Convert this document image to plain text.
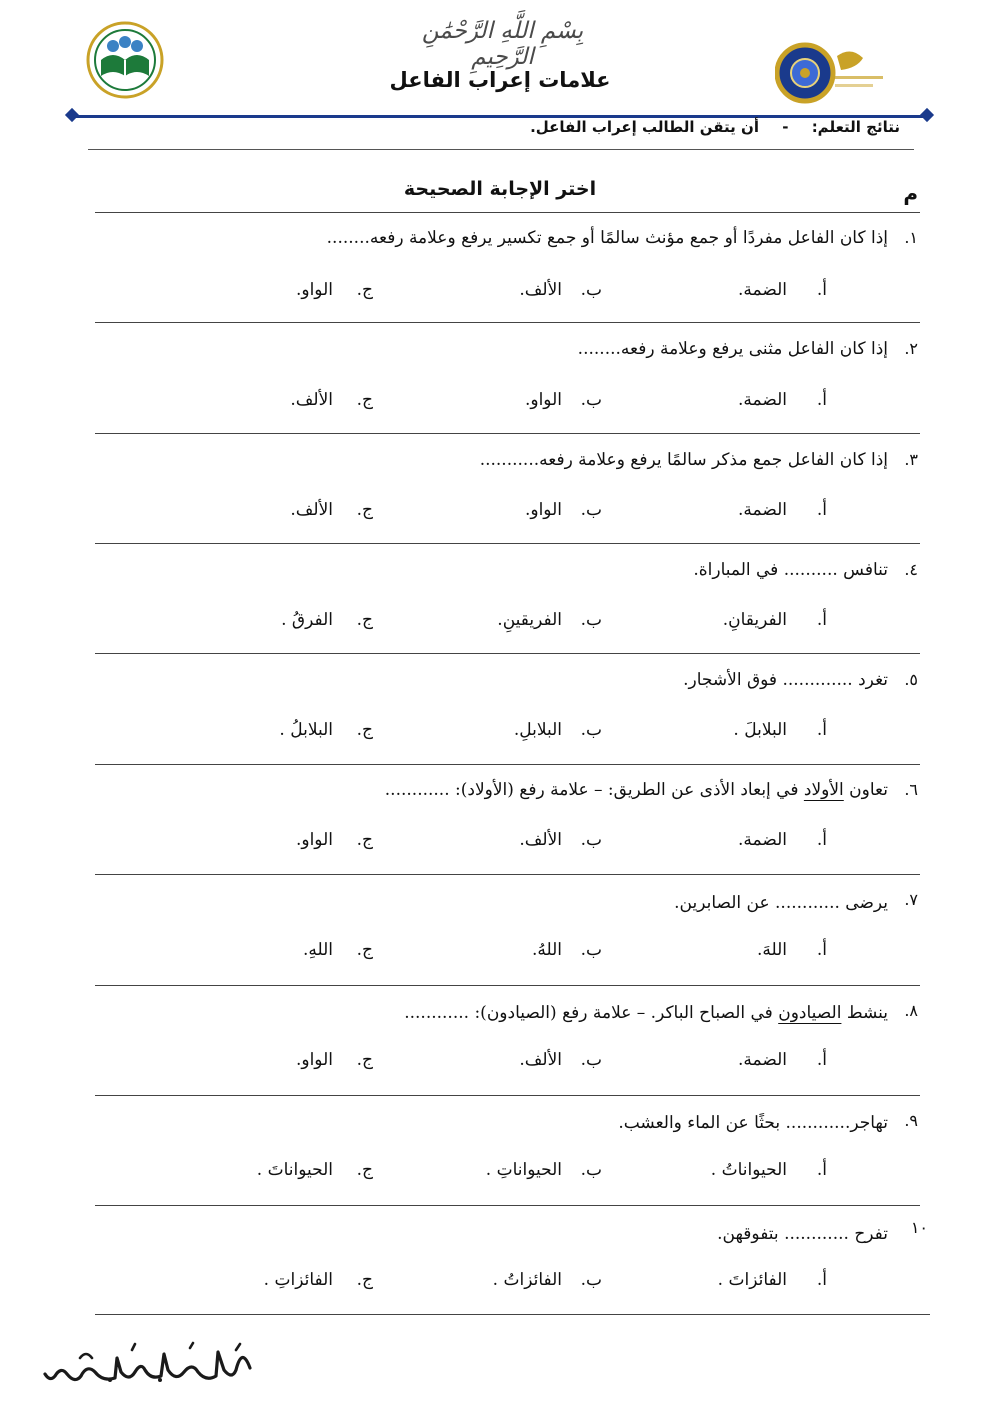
بِسْمِ اللَّهِ الرَّحْمَٰنِ الرَّحِيمِ
علامات إعراب الفاعل
نتائج التعلم: - أن يتقن الطالب إعراب الفاعل.
م
اختر الإجابة الصحيحة
١.
إذا كان الفاعل مفردًا أو جمع مؤنث سالمًا أو جمع تكسير يرفع وعلامة رفعه........
أ.الضمة.
ب.الألف.
ج.الواو.
٢.
إذا كان الفاعل مثنى يرفع وعلامة رفعه........
أ.الضمة.
ب.الواو.
ج.الألف.
٣.
إذا كان الفاعل جمع مذكر سالمًا يرفع وعلامة رفعه...........
أ.الضمة.
ب.الواو.
ج.الألف.
٤.
تنافس .......... في المباراة.
أ.الفريقانِ.
ب.الفريقينِ.
ج.الفرقُ .
٥.
تغرد ............. فوق الأشجار.
أ.البلابلَ .
ب.البلابلِ.
ج.البلابلُ .
٦.
تعاون الأولاد في إبعاد الأذى عن الطريق: – علامة رفع (الأولاد): ............
أ.الضمة.
ب.الألف.
ج.الواو.
٧.
يرضى ............ عن الصابرين.
أ.اللهَ.
ب.اللهُ.
ج.اللهِ.
٨.
ينشط الصيادون في الصباح الباكر. – علامة رفع (الصيادون): ............
أ.الضمة.
ب.الألف.
ج.الواو.
٩.
تهاجر............ بحثًا عن الماء والعشب.
أ.الحيواناتُ .
ب.الحيواناتِ .
ج.الحيواناتَ .
١٠
تفرح ............ بتفوقهن.
أ.الفائزاتَ .
ب.الفائزاتُ .
ج.الفائزاتِ .
